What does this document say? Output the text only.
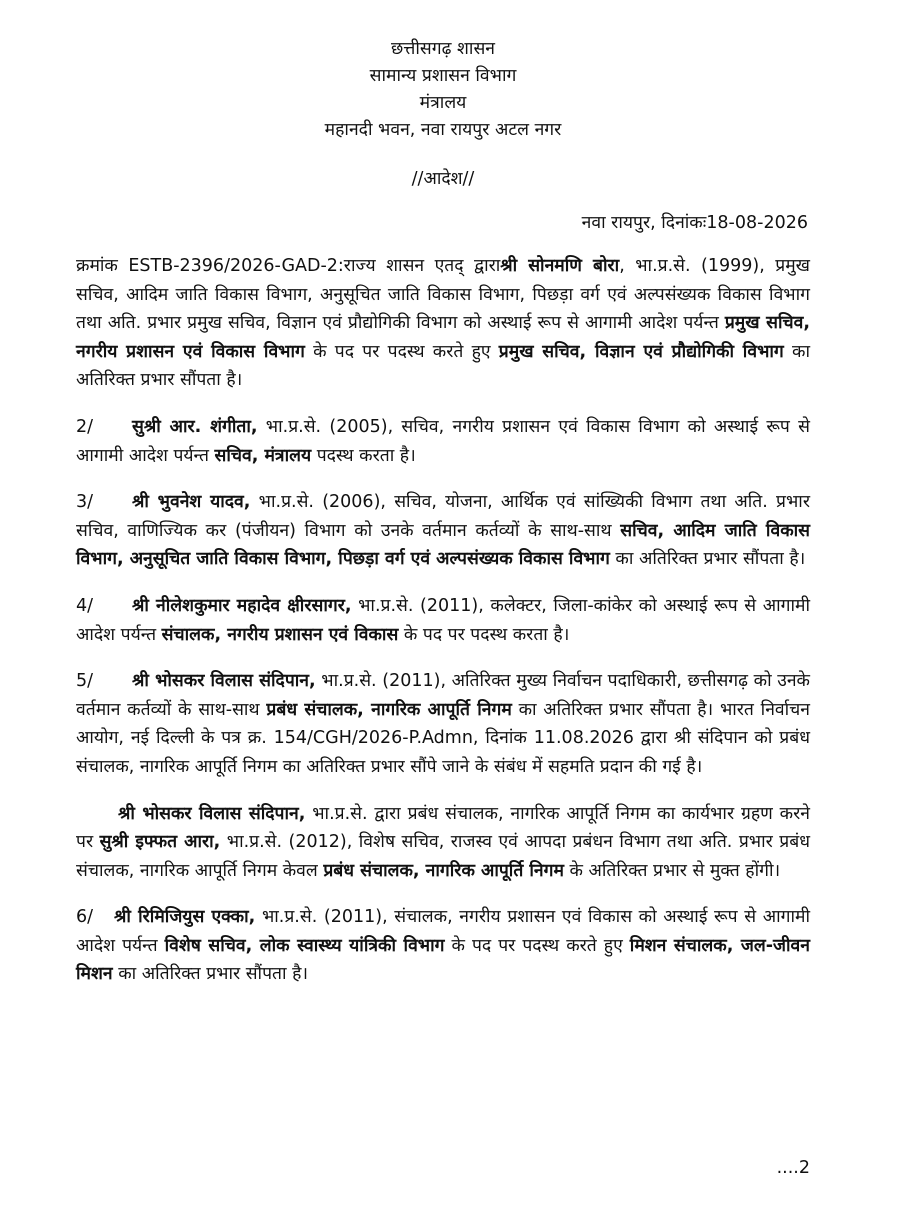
छत्तीसगढ़ शासन
सामान्य प्रशासन विभाग
मंत्रालय
महानदी भवन, नवा रायपुर अटल नगर
//आदेश//
नवा रायपुर, दिनांकः18-08-2026

क्रमांक ESTB-2396/2026-GAD-2:राज्य शासन एतद् द्वाराश्री सोनमणि बोरा, भा.प्र.से. (1999), प्रमुख सचिव, आदिम जाति विकास विभाग, अनुसूचित जाति विकास विभाग, पिछड़ा वर्ग एवं अल्पसंख्यक विकास विभाग तथा अति. प्रभार प्रमुख सचिव, विज्ञान एवं प्रौद्योगिकी विभाग को अस्थाई रूप से आगामी आदेश पर्यन्त प्रमुख सचिव, नगरीय प्रशासन एवं विकास विभाग के पद पर पदस्थ करते हुए प्रमुख सचिव, विज्ञान एवं प्रौद्योगिकी विभाग का अतिरिक्त प्रभार सौंपता है।

2/ सुश्री आर. शंगीता, भा.प्र.से. (2005), सचिव, नगरीय प्रशासन एवं विकास विभाग को अस्थाई रूप से आगामी आदेश पर्यन्त सचिव, मंत्रालय पदस्थ करता है।

3/ श्री भुवनेश यादव, भा.प्र.से. (2006), सचिव, योजना, आर्थिक एवं सांख्यिकी विभाग तथा अति. प्रभार सचिव, वाणिज्यिक कर (पंजीयन) विभाग को उनके वर्तमान कर्तव्यों के साथ-साथ सचिव, आदिम जाति विकास विभाग, अनुसूचित जाति विकास विभाग, पिछड़ा वर्ग एवं अल्पसंख्यक विकास विभाग का अतिरिक्त प्रभार सौंपता है।

4/ श्री नीलेशकुमार महादेव क्षीरसागर, भा.प्र.से. (2011), कलेक्टर, जिला-कांकेर को अस्थाई रूप से आगामी आदेश पर्यन्त संचालक, नगरीय प्रशासन एवं विकास के पद पर पदस्थ करता है।

5/ श्री भोसकर विलास संदिपान, भा.प्र.से. (2011), अतिरिक्त मुख्य निर्वाचन पदाधिकारी, छत्तीसगढ़ को उनके वर्तमान कर्तव्यों के साथ-साथ प्रबंध संचालक, नागरिक आपूर्ति निगम का अतिरिक्त प्रभार सौंपता है। भारत निर्वाचन आयोग, नई दिल्ली के पत्र क्र. 154/CGH/2026-P.Admn, दिनांक 11.08.2026 द्वारा श्री संदिपान को प्रबंध संचालक, नागरिक आपूर्ति निगम का अतिरिक्त प्रभार सौंपे जाने के संबंध में सहमति प्रदान की गई है।

श्री भोसकर विलास संदिपान, भा.प्र.से. द्वारा प्रबंध संचालक, नागरिक आपूर्ति निगम का कार्यभार ग्रहण करने पर सुश्री इफ्फत आरा, भा.प्र.से. (2012), विशेष सचिव, राजस्व एवं आपदा प्रबंधन विभाग तथा अति. प्रभार प्रबंध संचालक, नागरिक आपूर्ति निगम केवल प्रबंध संचालक, नागरिक आपूर्ति निगम के अतिरिक्त प्रभार से मुक्त होंगी।

6/ श्री रिमिजियुस एक्का, भा.प्र.से. (2011), संचालक, नगरीय प्रशासन एवं विकास को अस्थाई रूप से आगामी आदेश पर्यन्त विशेष सचिव, लोक स्वास्थ्य यांत्रिकी विभाग के पद पर पदस्थ करते हुए मिशन संचालक, जल-जीवन मिशन का अतिरिक्त प्रभार सौंपता है।

....2
